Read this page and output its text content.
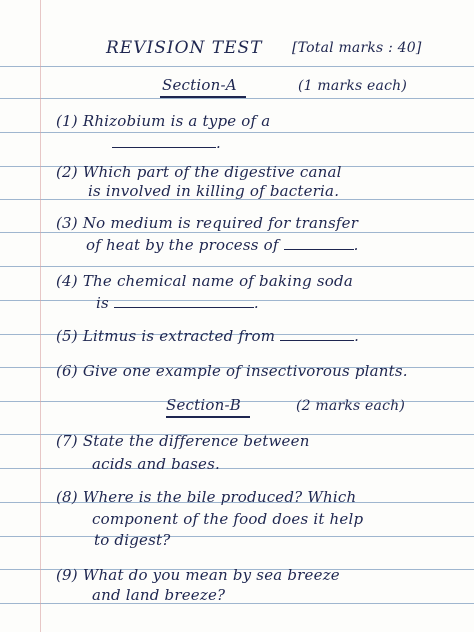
REVISION TEST [Total marks : 40]
Section-A	(1 marks each)
(1) Rhizobium is a type of a
.
(2) Which part of the digestive canal
is involved in killing of bacteria.
(3) No medium is required for transfer
of heat by the process of	.
(4) The chemical name of baking soda
is	.
(5) Litmus is extracted from	.
(6) Give one example of insectivorous plants.
Section-B	(2 marks each)
(7) State the difference between
acids and bases.
(8) Where is the bile produced? Which
component of the food does it help
to digest?
(9) What do you mean by sea breeze
and land breeze?
